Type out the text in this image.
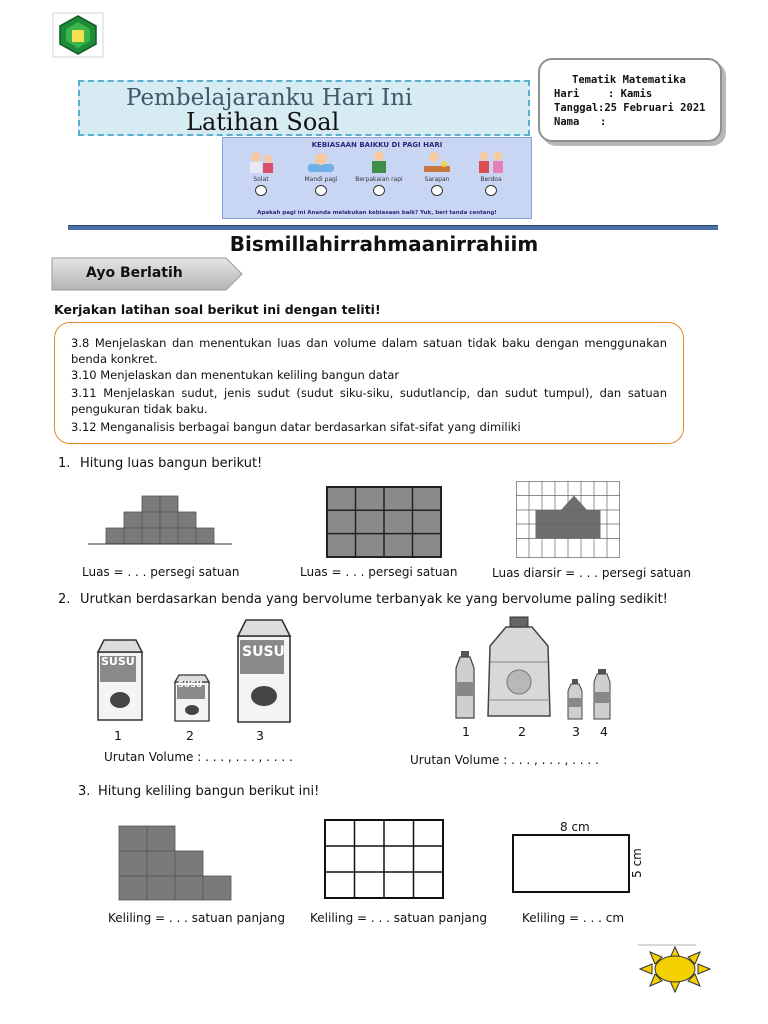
Pembelajaranku Hari Ini
Latihan Soal
Tematik Matematika
Hari	: Kamis
Tanggal :25 Februari 2021
Nama :
KEBIASAAN BAIKKU DI PAGI HARI
Solat	Mandi pagi	Berpakaian rapi	Sarapan	Berdoa
Apakah pagi ini Ananda melakukan kebiasaan baik? Yuk, beri tanda centang!
Bismillahirrahmaanirrahiim
Ayo Berlatih
Kerjakan latihan soal berikut ini dengan teliti!

3.8 Menjelaskan dan menentukan luas dan volume dalam satuan tidak baku dengan menggunakan benda konkret.

3.10 Menjelaskan dan menentukan keliling bangun datar

3.11 Menjelaskan sudut, jenis sudut (sudut siku-siku, sudutlancip, dan sudut tumpul), dan satuan pengukuran tidak baku.

3.12 Menganalisis berbagai bangun datar berdasarkan sifat-sifat yang dimiliki

1. Hitung luas bangun berikut!
Luas = . . . persegi satuan	Luas = . . . persegi satuan	Luas diarsir = . . . persegi satuan
2. Urutkan berdasarkan benda yang bervolume terbanyak ke yang bervolume paling sedikit!
SUSU
SUSU
SUSU
1	2	3
Urutan Volume : . . . , . . . , . . . .
1	2	3 4
Urutan Volume : . . . , . . . , . . . .
3. Hitung keliling bangun berikut ini!
8 cm
5 cm
Keliling = . . . satuan panjang Keliling = . . . satuan panjang	Keliling = . . . cm
